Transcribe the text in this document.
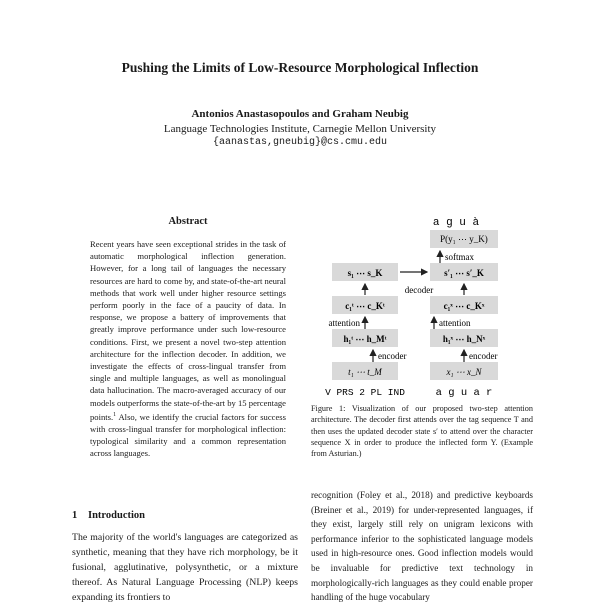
Pushing the Limits of Low-Resource Morphological Inflection
Antonios Anastasopoulos and Graham Neubig
Language Technologies Institute, Carnegie Mellon University
{aanastas,gneubig}@cs.cmu.edu
Abstract
Recent years have seen exceptional strides in the task of automatic morphological inflection generation. However, for a long tail of languages the necessary resources are hard to come by, and state-of-the-art neural methods that work well under higher resource settings perform poorly in the face of a paucity of data. In response, we propose a battery of improvements that greatly improve performance under such low-resource conditions. First, we present a novel two-step attention architecture for the inflection decoder. In addition, we investigate the effects of cross-lingual transfer from single and multiple languages, as well as monolingual data hallucination. The macro-averaged accuracy of our models outperforms the state-of-the-art by 15 percentage points.$^1$ Also, we identify the crucial factors for success with cross-lingual transfer for morphological inflection: typological similarity and a common representation across languages.
1 Introduction
The majority of the world's languages are categorized as synthetic, meaning that they have rich morphology, be it fusional, agglutinative, polysynthetic, or a mixture thereof. As Natural Language Processing (NLP) keeps expanding its frontiers to
recognition (Foley et al., 2018) and predictive keyboards (Breiner et al., 2019) for under-represented languages, if they exist, largely still rely on unigram lexicons with performance inferior to the sophisticated language models used in high-resource ones. Good inflection models would be invaluable for predictive text technology in morphologically-rich languages as they could enable proper handling of the huge vocabulary
a g u à
P(y₁ ⋯ y_K)
softmax
s₁ ⋯ s_K	s′₁ ⋯ s′_K
decoder
c₁ᵗ ⋯ c_Kᵗ	c₁ˣ ⋯ c_Kˣ
attention	attention
h₁ᵗ ⋯ h_Mᵗ	h₁ˣ ⋯ h_Nˣ
encoder	encoder
t₁ ⋯ t_M	x₁ ⋯ x_N
V PRS 2 PL IND	a g u a r
Figure 1: Visualization of our proposed two-step attention architecture. The decoder first attends over the tag sequence T and then uses the updated decoder state s′ to attend over the character sequence X in order to produce the inflected form Y. (Example from Asturian.)
